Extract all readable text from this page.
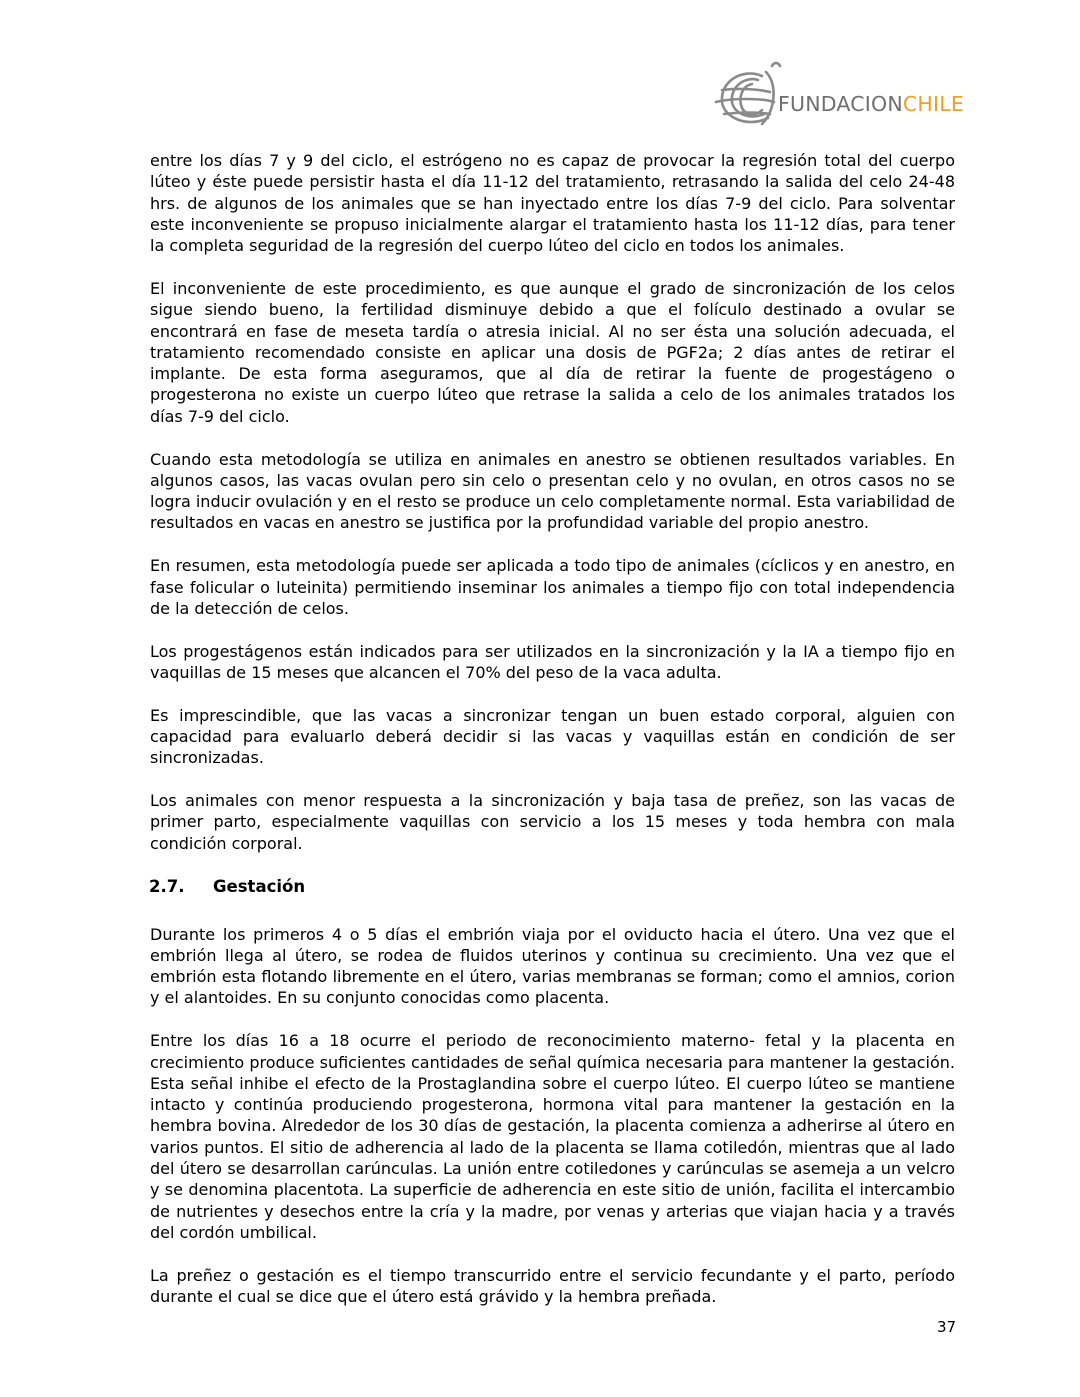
FUNDACIONCHILE

entre los días 7 y 9 del ciclo, el estrógeno no es capaz de provocar la regresión total del cuerpo lúteo y éste puede persistir hasta el día 11-12 del tratamiento, retrasando la salida del celo 24-48 hrs. de algunos de los animales que se han inyectado entre los días 7-9 del ciclo. Para solventar este inconveniente se propuso inicialmente alargar el tratamiento hasta los 11-12 días, para tener la completa seguridad de la regresión del cuerpo lúteo del ciclo en todos los animales.

El inconveniente de este procedimiento, es que aunque el grado de sincronización de los celos sigue siendo bueno, la fertilidad disminuye debido a que el folículo destinado a ovular se encontrará en fase de meseta tardía o atresia inicial. Al no ser ésta una solución adecuada, el tratamiento recomendado consiste en aplicar una dosis de PGF2a; 2 días antes de retirar el implante. De esta forma aseguramos, que al día de retirar la fuente de progestágeno o progesterona no existe un cuerpo lúteo que retrase la salida a celo de los animales tratados los días 7-9 del ciclo.

Cuando esta metodología se utiliza en animales en anestro se obtienen resultados variables. En algunos casos, las vacas ovulan pero sin celo o presentan celo y no ovulan, en otros casos no se logra inducir ovulación y en el resto se produce un celo completamente normal. Esta variabilidad de resultados en vacas en anestro se justifica por la profundidad variable del propio anestro.

En resumen, esta metodología puede ser aplicada a todo tipo de animales (cíclicos y en anestro, en fase folicular o luteinita) permitiendo inseminar los animales a tiempo fijo con total independencia de la detección de celos.

Los progestágenos están indicados para ser utilizados en la sincronización y la IA a tiempo fijo en vaquillas de 15 meses que alcancen el 70% del peso de la vaca adulta.

Es imprescindible, que las vacas a sincronizar tengan un buen estado corporal, alguien con capacidad para evaluarlo deberá decidir si las vacas y vaquillas están en condición de ser sincronizadas.

Los animales con menor respuesta a la sincronización y baja tasa de preñez, son las vacas de primer parto, especialmente vaquillas con servicio a los 15 meses y toda hembra con mala condición corporal.

2.7.	Gestación

Durante los primeros 4 o 5 días el embrión viaja por el oviducto hacia el útero. Una vez que el embrión llega al útero, se rodea de fluidos uterinos y continua su crecimiento. Una vez que el embrión esta flotando libremente en el útero, varias membranas se forman; como el amnios, corion y el alantoides. En su conjunto conocidas como placenta.

Entre los días 16 a 18 ocurre el periodo de reconocimiento materno- fetal y la placenta en crecimiento produce suficientes cantidades de señal química necesaria para mantener la gestación. Esta señal inhibe el efecto de la Prostaglandina sobre el cuerpo lúteo. El cuerpo lúteo se mantiene intacto y continúa produciendo progesterona, hormona vital para mantener la gestación en la hembra bovina. Alrededor de los 30 días de gestación, la placenta comienza a adherirse al útero en varios puntos. El sitio de adherencia al lado de la placenta se llama cotiledón, mientras que al lado del útero se desarrollan carúnculas. La unión entre cotiledones y carúnculas se asemeja a un velcro y se denomina placentota. La superficie de adherencia en este sitio de unión, facilita el intercambio de nutrientes y desechos entre la cría y la madre, por venas y arterias que viajan hacia y a través del cordón umbilical.

La preñez o gestación es el tiempo transcurrido entre el servicio fecundante y el parto, período durante el cual se dice que el útero está grávido y la hembra preñada.

37
